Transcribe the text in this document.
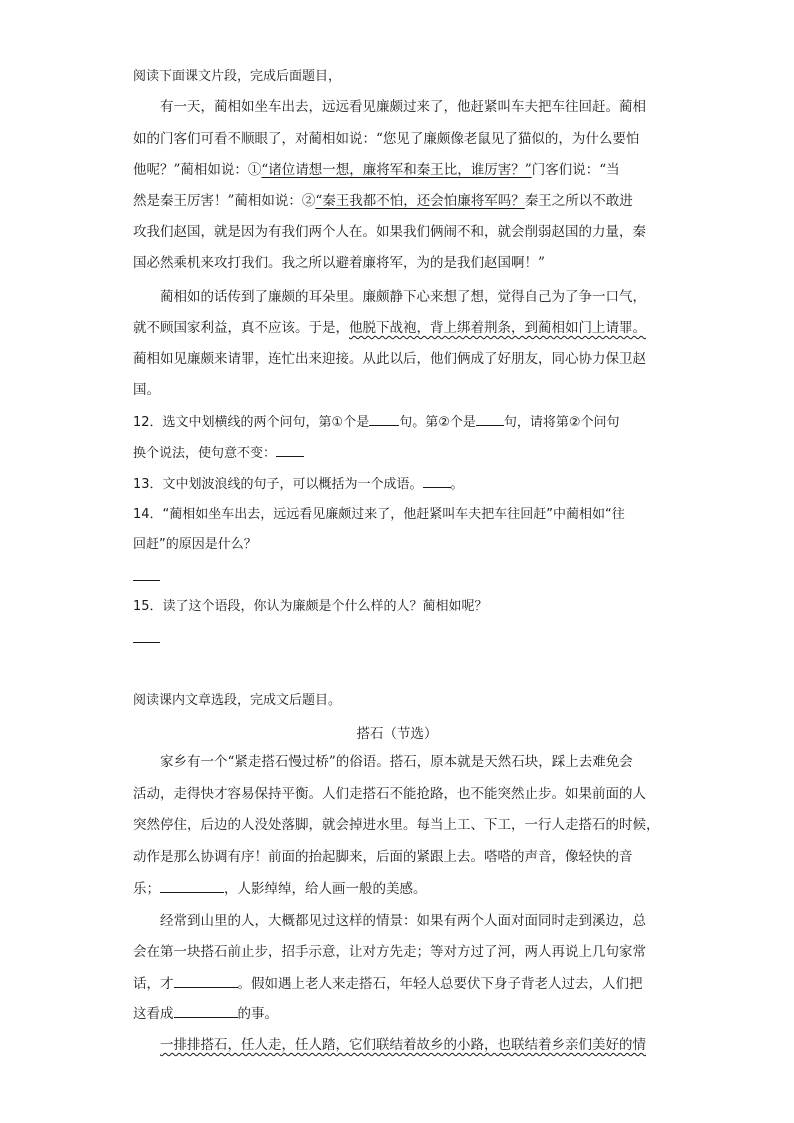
阅读下面课文片段，完成后面题目，
有一天，蔺相如坐车出去，远远看见廉颇过来了，他赶紧叫车夫把车往回赶。蔺相
如的门客们可看不顺眼了，对蔺相如说：“您见了廉颇像老鼠见了猫似的，为什么要怕
他呢？”蔺相如说：①“诸位请想一想，廉将军和秦王比，谁厉害？”门客们说：“当
然是秦王厉害！”蔺相如说：②“秦王我都不怕，还会怕廉将军吗？秦王之所以不敢进
攻我们赵国，就是因为有我们两个人在。如果我们俩闹不和，就会削弱赵国的力量，秦
国必然乘机来攻打我们。我之所以避着廉将军，为的是我们赵国啊！”
蔺相如的话传到了廉颇的耳朵里。廉颇静下心来想了想，觉得自己为了争一口气，
就不顾国家利益，真不应该。于是，他脱下战袍，背上绑着荆条，到蔺相如门上请罪。
蔺相如见廉颇来请罪，连忙出来迎接。从此以后，他们俩成了好朋友，同心协力保卫赵
国。
12．选文中划横线的两个问句，第①个是 句。第②个是 句，请将第②个问句
换个说法，使句意不变：
13．文中划波浪线的句子，可以概括为一个成语。 。
14．“蔺相如坐车出去，远远看见廉颇过来了，他赶紧叫车夫把车往回赶”中蔺相如“往
回赶”的原因是什么？
15．读了这个语段，你认为廉颇是个什么样的人？蔺相如呢？
阅读课内文章选段，完成文后题目。
搭石（节选）
家乡有一个“紧走搭石慢过桥”的俗语。搭石，原本就是天然石块，踩上去难免会
活动，走得快才容易保持平衡。人们走搭石不能抢路，也不能突然止步。如果前面的人
突然停住，后边的人没处落脚，就会掉进水里。每当上工、下工，一行人走搭石的时候，
动作是那么协调有序！前面的抬起脚来，后面的紧跟上去。嗒嗒的声音，像轻快的音
乐；	，人影绰绰，给人画一般的美感。
经常到山里的人，大概都见过这样的情景：如果有两个人面对面同时走到溪边，总
会在第一块搭石前止步，招手示意，让对方先走；等对方过了河，两人再说上几句家常
话，才	。假如遇上老人来走搭石，年轻人总要伏下身子背老人过去，人们把
这看成	的事。
一排排搭石，任人走，任人踏，它们联结着故乡的小路，也联结着乡亲们美好的情
